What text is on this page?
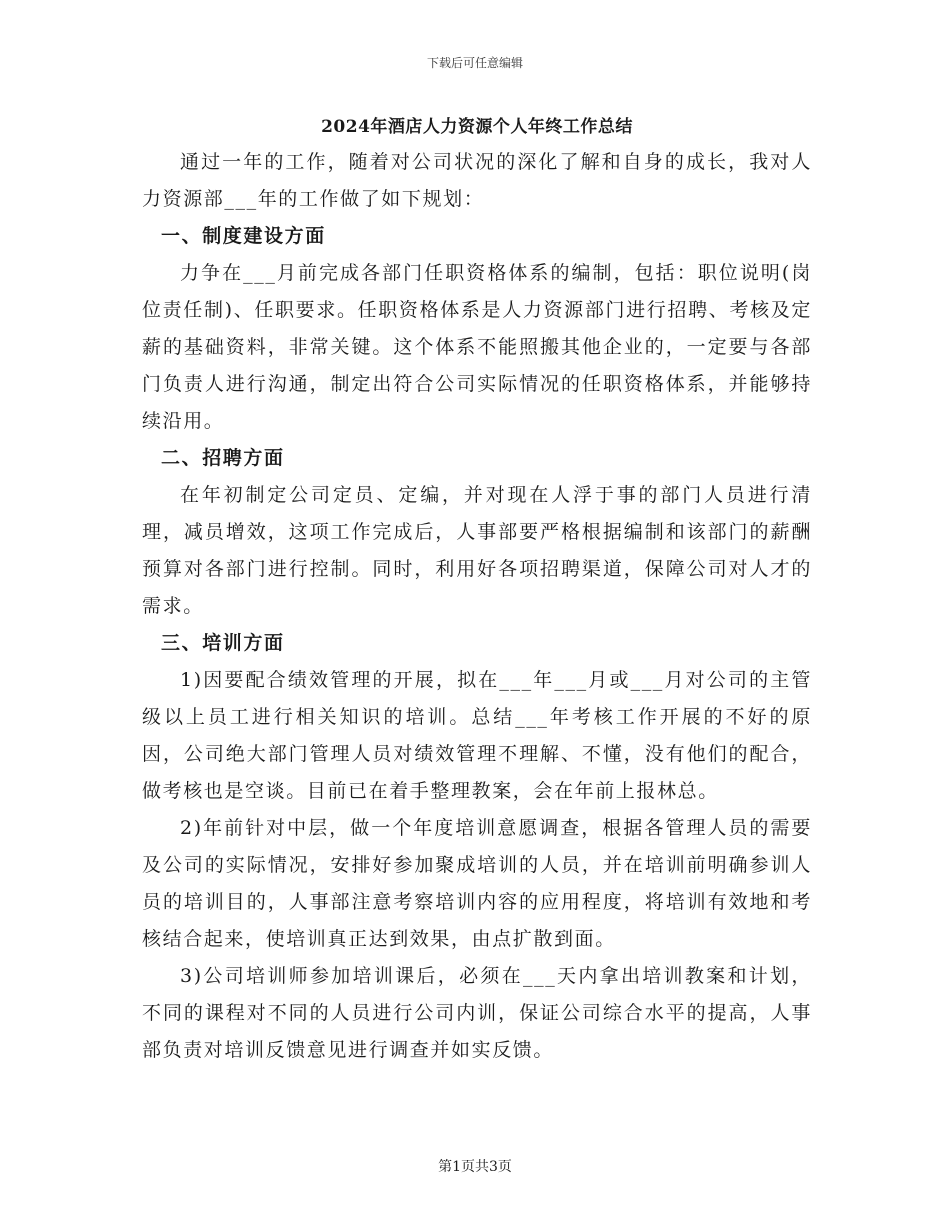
下载后可任意编辑
2024年酒店人力资源个人年终工作总结

通过一年的工作，随着对公司状况的深化了解和自身的成长，我对人力资源部___年的工作做了如下规划：

一、制度建设方面

力争在___月前完成各部门任职资格体系的编制，包括：职位说明(岗位责任制)、任职要求。任职资格体系是人力资源部门进行招聘、考核及定薪的基础资料，非常关键。这个体系不能照搬其他企业的，一定要与各部门负责人进行沟通，制定出符合公司实际情况的任职资格体系，并能够持续沿用。

二、招聘方面

在年初制定公司定员、定编，并对现在人浮于事的部门人员进行清理，减员增效，这项工作完成后，人事部要严格根据编制和该部门的薪酬预算对各部门进行控制。同时，利用好各项招聘渠道，保障公司对人才的需求。

三、培训方面

1)因要配合绩效管理的开展，拟在___年___月或___月对公司的主管级以上员工进行相关知识的培训。总结___年考核工作开展的不好的原因，公司绝大部门管理人员对绩效管理不理解、不懂，没有他们的配合，做考核也是空谈。目前已在着手整理教案，会在年前上报林总。

2)年前针对中层，做一个年度培训意愿调查，根据各管理人员的需要及公司的实际情况，安排好参加聚成培训的人员，并在培训前明确参训人员的培训目的，人事部注意考察培训内容的应用程度，将培训有效地和考核结合起来，使培训真正达到效果，由点扩散到面。

3)公司培训师参加培训课后，必须在___天内拿出培训教案和计划，不同的课程对不同的人员进行公司内训，保证公司综合水平的提高，人事部负责对培训反馈意见进行调查并如实反馈。

第1页共3页
